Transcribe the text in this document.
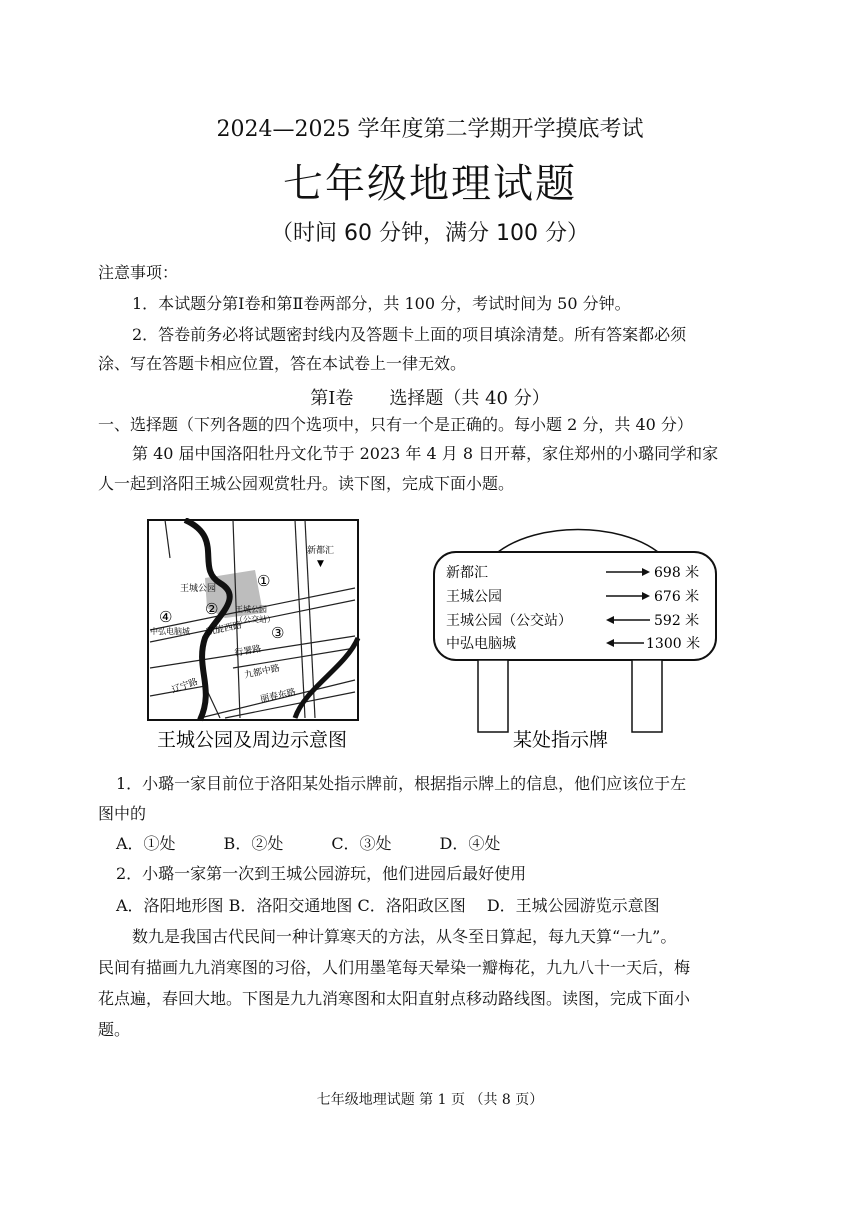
2024—2025 学年度第二学期开学摸底考试
七年级地理试题
（时间 60 分钟，满分 100 分）
注意事项：
1．本试题分第Ⅰ卷和第Ⅱ卷两部分，共 100 分，考试时间为 50 分钟。
2．答卷前务必将试题密封线内及答题卡上面的项目填涂清楚。所有答案都必须
涂、写在答题卡相应位置，答在本试卷上一律无效。
第Ⅰ卷　　选择题（共 40 分）
一、选择题（下列各题的四个选项中，只有一个是正确的。每小题 2 分，共 40 分）
第 40 届中国洛阳牡丹文化节于 2023 年 4 月 8 日开幕，家住郑州的小璐同学和家
人一起到洛阳王城公园观赏牡丹。读下图，完成下面小题。
新都汇
▼
王城公园
王城公园
（公交站）
中弘电脑城 凯旋西路
行署路
九都中路
辽宁路
丽春东路
①
②
③
④
王城公园及周边示意图
新都汇	698 米
王城公园	676 米
王城公园（公交站）	592 米
中弘电脑城	1300 米
某处指示牌
1．小璐一家目前位于洛阳某处指示牌前，根据指示牌上的信息，他们应该位于左
图中的
A．①处　　　B．②处　　　C．③处　　　D．④处
2．小璐一家第一次到王城公园游玩，他们进园后最好使用
A．洛阳地形图 B．洛阳交通地图 C．洛阳政区图　 D．王城公园游览示意图
数九是我国古代民间一种计算寒天的方法，从冬至日算起，每九天算“一九”。
民间有描画九九消寒图的习俗，人们用墨笔每天晕染一瓣梅花，九九八十一天后，梅
花点遍，春回大地。下图是九九消寒图和太阳直射点移动路线图。读图，完成下面小
题。
七年级地理试题 第 1 页 （共 8 页）
